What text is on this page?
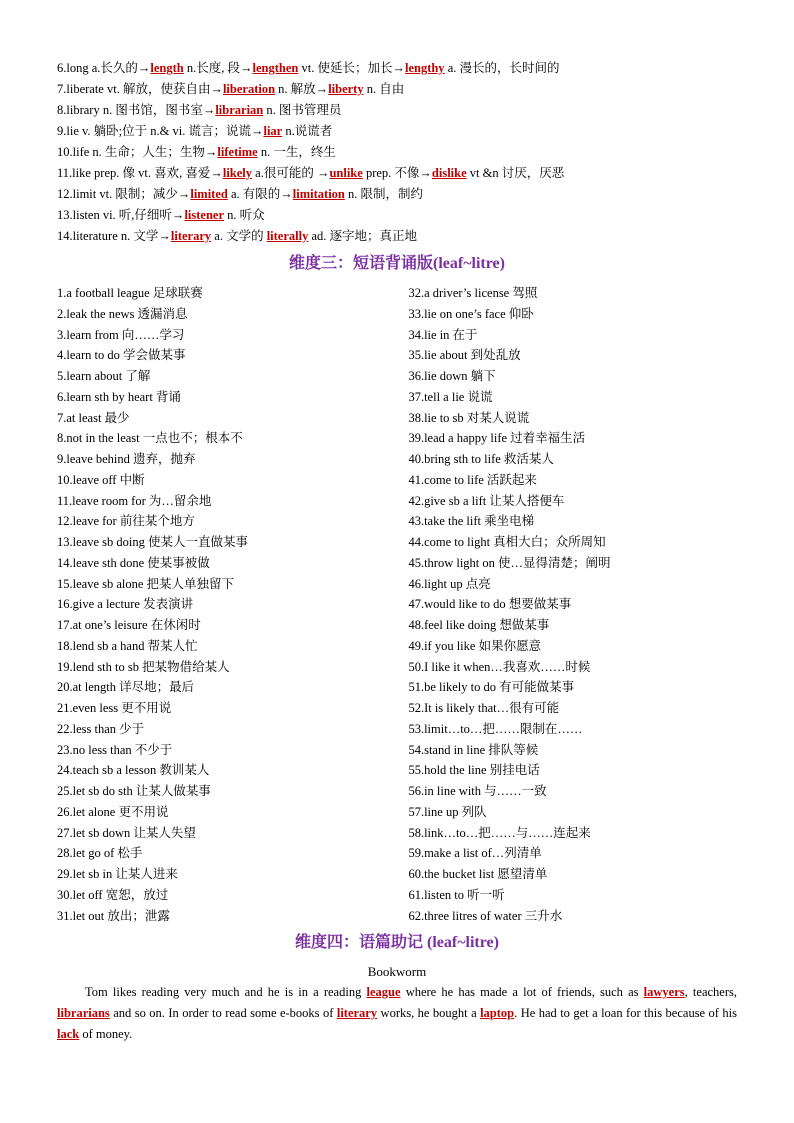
6.long a.长久的→length n.长度, 段→lengthen vt. 使延长；加长→lengthy a. 漫长的，长时间的
7.liberate vt. 解放，使获自由→liberation n. 解放→liberty n. 自由
8.library n. 图书馆，图书室→librarian n. 图书管理员
9.lie v. 躺卧;位于 n.& vi. 谎言；说谎→liar n.说谎者
10.life n. 生命；人生；生物→lifetime n. 一生，终生
11.like prep. 像 vt. 喜欢, 喜爱→likely a.很可能的 →unlike prep. 不像→dislike vt &n 讨厌，厌恶
12.limit vt. 限制；减少→limited a. 有限的→limitation n. 限制，制约
13.listen vi. 听,仔细听→listener n. 听众
14.literature n. 文学→literary a. 文学的 literally ad. 逐字地；真正地
维度三：短语背诵版(leaf~litre)
1.a football league 足球联赛
2.leak the news 透漏消息
3.learn from 向……学习
4.learn to do 学会做某事
5.learn about 了解
6.learn sth by heart 背诵
7.at least 最少
8.not in the least 一点也不；根本不
9.leave behind 遗弃，抛弃
10.leave off 中断
11.leave room for 为…留余地
12.leave for 前往某个地方
13.leave sb doing 使某人一直做某事
14.leave sth done 使某事被做
15.leave sb alone 把某人单独留下
16.give a lecture 发表演讲
17.at one’s leisure 在休闲时
18.lend sb a hand 帮某人忙
19.lend sth to sb 把某物借给某人
20.at length 详尽地；最后
21.even less 更不用说
22.less than 少于
23.no less than 不少于
24.teach sb a lesson 教训某人
25.let sb do sth 让某人做某事
26.let alone 更不用说
27.let sb down 让某人失望
28.let go of 松手
29.let sb in 让某人进来
30.let off 宽恕，放过
31.let out 放出；泄露
32.a driver’s license 驾照
33.lie on one’s face 仰卧
34.lie in 在于
35.lie about 到处乱放
36.lie down 躺下
37.tell a lie 说谎
38.lie to sb 对某人说谎
39.lead a happy life 过着幸福生活
40.bring sth to life 救活某人
41.come to life 活跃起来
42.give sb a lift 让某人搭便车
43.take the lift 乘坐电梯
44.come to light 真相大白；众所周知
45.throw light on 使…显得清楚；阐明
46.light up 点亮
47.would like to do 想要做某事
48.feel like doing 想做某事
49.if you like 如果你愿意
50.I like it when…我喜欢……时候
51.be likely to do 有可能做某事
52.It is likely that…很有可能
53.limit…to…把……限制在……
54.stand in line 排队等候
55.hold the line 别挂电话
56.in line with 与……一致
57.line up 列队
58.link…to…把……与……连起来
59.make a list of…列清单
60.the bucket list 愿望清单
61.listen to 听一听
62.three litres of water 三升水
维度四：语篇助记 (leaf~litre)
Bookworm
Tom likes reading very much and he is in a reading league where he has made a lot of friends, such as lawyers, teachers, librarians and so on. In order to read some e-books of literary works, he bought a laptop. He had to get a loan for this because of his lack of money.
